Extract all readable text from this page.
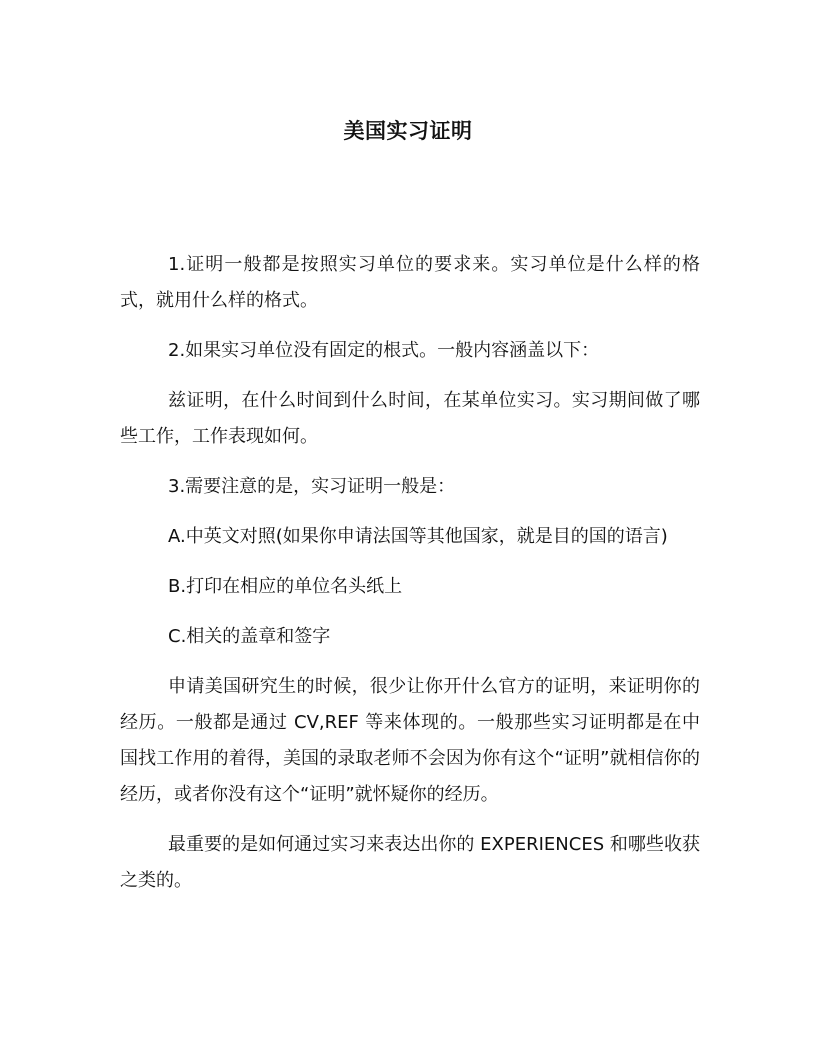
美国实习证明

1.证明一般都是按照实习单位的要求来。实习单位是什么样的格式，就用什么样的格式。

2.如果实习单位没有固定的根式。一般内容涵盖以下：

兹证明，在什么时间到什么时间，在某单位实习。实习期间做了哪些工作，工作表现如何。

3.需要注意的是，实习证明一般是：

A.中英文对照(如果你申请法国等其他国家，就是目的国的语言)

B.打印在相应的单位名头纸上

C.相关的盖章和签字

申请美国研究生的时候，很少让你开什么官方的证明，来证明你的经历。一般都是通过 CV,REF 等来体现的。一般那些实习证明都是在中国找工作用的着得，美国的录取老师不会因为你有这个“证明”就相信你的经历，或者你没有这个“证明”就怀疑你的经历。

最重要的是如何通过实习来表达出你的 EXPERIENCES 和哪些收获之类的。
